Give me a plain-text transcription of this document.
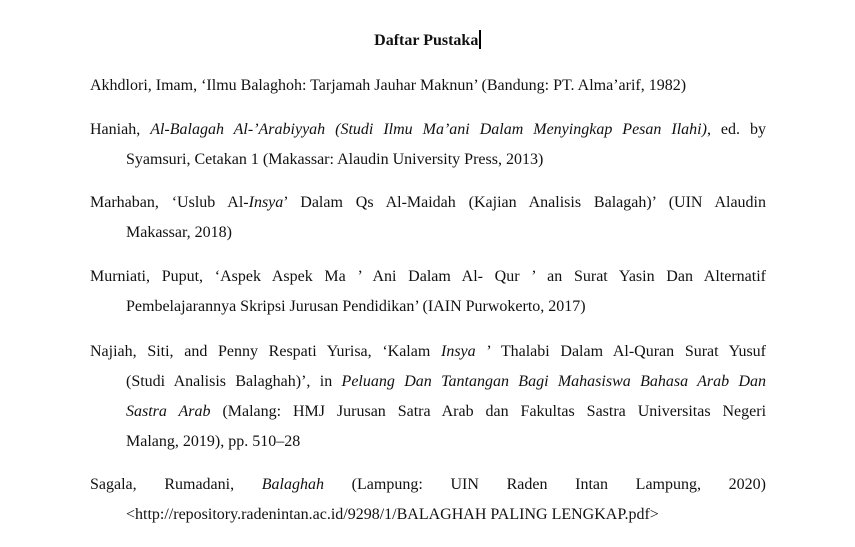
Daftar Pustaka
Akhdlori, Imam, ‘Ilmu Balaghoh: Tarjamah Jauhar Maknun’ (Bandung: PT. Alma’arif, 1982)
Haniah, Al-Balagah Al-’Arabiyyah (Studi Ilmu Ma’ani Dalam Menyingkap Pesan Ilahi), ed. by
Syamsuri, Cetakan 1 (Makassar: Alaudin University Press, 2013)
Marhaban, ‘Uslub Al-Insya’ Dalam Qs Al-Maidah (Kajian Analisis Balagah)’ (UIN Alaudin
Makassar, 2018)
Murniati, Puput, ‘Aspek Aspek Ma ’ Ani Dalam Al- Qur ’ an Surat Yasin Dan Alternatif
Pembelajarannya Skripsi Jurusan Pendidikan’ (IAIN Purwokerto, 2017)
Najiah, Siti, and Penny Respati Yurisa, ‘Kalam Insya ’ Thalabi Dalam Al-Quran Surat Yusuf
(Studi Analisis Balaghah)’, in Peluang Dan Tantangan Bagi Mahasiswa Bahasa Arab Dan
Sastra Arab (Malang: HMJ Jurusan Satra Arab dan Fakultas Sastra Universitas Negeri
Malang, 2019), pp. 510–28
Sagala, Rumadani, Balaghah (Lampung: UIN Raden Intan Lampung, 2020)
<http://repository.radenintan.ac.id/9298/1/BALAGHAH PALING LENGKAP.pdf>
